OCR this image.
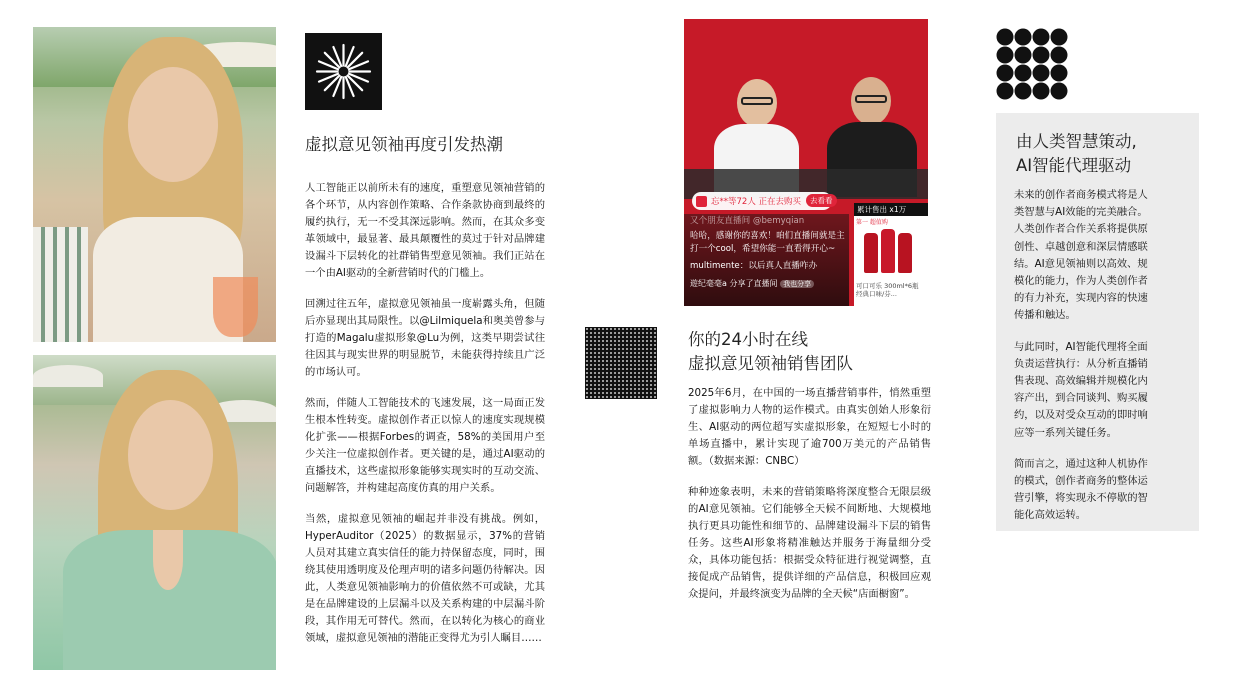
虚拟意见领袖再度引发热潮

人工智能正以前所未有的速度，重塑意见领袖营销的各个环节，从内容创作策略、合作条款协商到最终的履约执行，无一不受其深远影响。然而，在其众多变革领域中，最显著、最具颠覆性的莫过于针对品牌建设漏斗下层转化的社群销售型意见领袖。我们正站在一个由AI驱动的全新营销时代的门槛上。

回溯过往五年，虚拟意见领袖虽一度崭露头角，但随后亦显现出其局限性。以@Lilmiquela和奥美曾参与打造的Magalu虚拟形象@Lu为例，这类早期尝试往往因其与现实世界的明显脱节，未能获得持续且广泛的市场认可。

然而，伴随人工智能技术的飞速发展，这一局面正发生根本性转变。虚拟创作者正以惊人的速度实现规模化扩张——根据Forbes的调查，58%的美国用户至少关注一位虚拟创作者。更关键的是，通过AI驱动的直播技术，这些虚拟形象能够实现实时的互动交流、问题解答，并构建起高度仿真的用户关系。

当然，虚拟意见领袖的崛起并非没有挑战。例如，HyperAuditor（2025）的数据显示，37%的营销人员对其建立真实信任的能力持保留态度，同时，围绕其使用透明度及伦理声明的诸多问题仍待解决。因此，人类意见领袖影响力的价值依然不可或缺，尤其是在品牌建设的上层漏斗以及关系构建的中层漏斗阶段，其作用无可替代。然而，在以转化为核心的商业领域，虚拟意见领袖的潜能正变得尤为引人瞩目……

忘**等72人 正在去购买	去看看
又个朋友直播间 @bemyqian
哈哈，感谢你的喜欢！咱们直播间就是主打一个cool，希望你能一直看得开心~
multimente：以后真人直播咋办
遊纪毫毫a 分享了直播间 我也分享
累计售出 x1万
第一 超值购
可口可乐 300ml*6瓶 经典口味/芬...
你的24小时在线
虚拟意见领袖销售团队

2025年6月，在中国的一场直播营销事件，悄然重塑了虚拟影响力人物的运作模式。由真实创始人形象衍生、AI驱动的两位超写实虚拟形象，在短短七小时的单场直播中，累计实现了逾700万美元的产品销售额。（数据来源：CNBC）

种种迹象表明，未来的营销策略将深度整合无限层级的AI意见领袖。它们能够全天候不间断地、大规模地执行更具功能性和细节的、品牌建设漏斗下层的销售任务。这些AI形象将精准触达并服务于海量细分受众，具体功能包括：根据受众特征进行视觉调整，直接促成产品销售，提供详细的产品信息，积极回应观众提问，并最终演变为品牌的全天候“店面橱窗”。

由人类智慧策动,
AI智能代理驱动

未来的创作者商务模式将是人类智慧与AI效能的完美融合。人类创作者合作关系将提供原创性、卓越创意和深层情感联结。AI意见领袖则以高效、规模化的能力，作为人类创作者的有力补充，实现内容的快速传播和触达。

与此同时，AI智能代理将全面负责运营执行：从分析直播销售表现、高效编辑并规模化内容产出，到合同谈判、购买履约，以及对受众互动的即时响应等一系列关键任务。

简而言之，通过这种人机协作的模式，创作者商务的整体运营引擎，将实现永不停歇的智能化高效运转。
